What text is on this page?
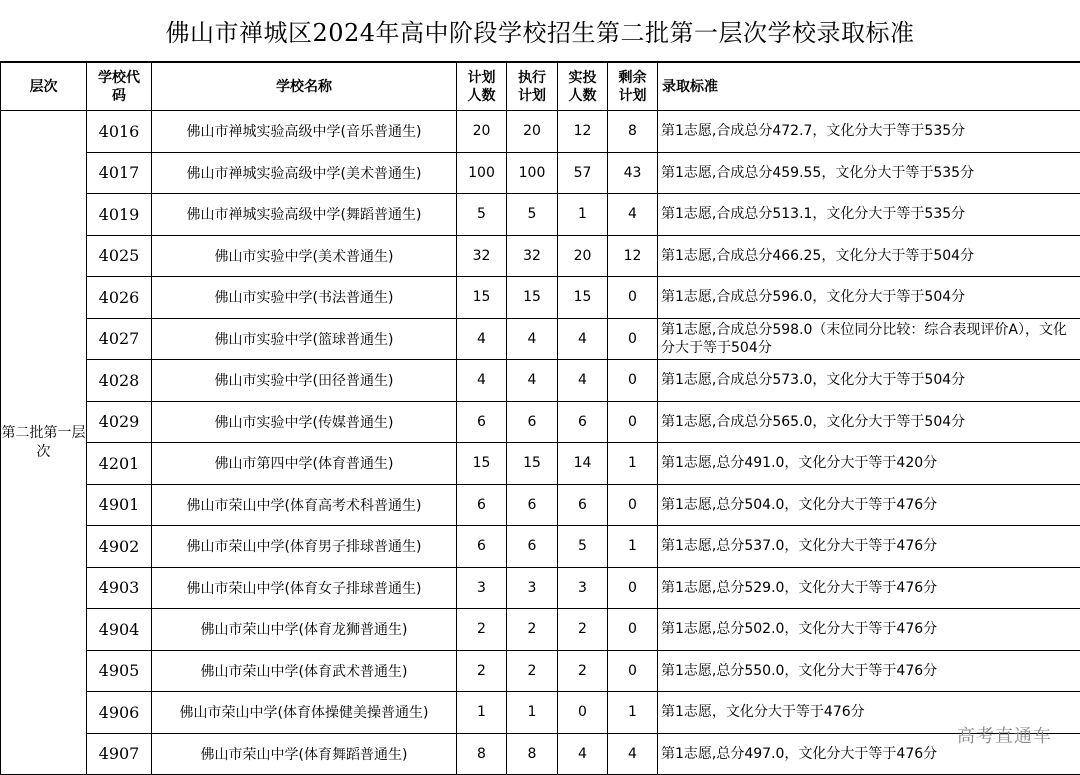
佛山市禅城区2024年高中阶段学校招生第二批第一层次学校录取标准
层次	学校代码	学校名称	计划人数	执行计划	实投人数	剩余计划	录取标准
第二批第一层次	4016	佛山市禅城实验高级中学(音乐普通生)	20	20	12	8	第1志愿,合成总分472.7，文化分大于等于535分
	4017	佛山市禅城实验高级中学(美术普通生)	100	100	57	43	第1志愿,合成总分459.55，文化分大于等于535分
	4019	佛山市禅城实验高级中学(舞蹈普通生)	5	5	1	4	第1志愿,合成总分513.1，文化分大于等于535分
	4025	佛山市实验中学(美术普通生)	32	32	20	12	第1志愿,合成总分466.25，文化分大于等于504分
	4026	佛山市实验中学(书法普通生)	15	15	15	0	第1志愿,合成总分596.0，文化分大于等于504分
	4027	佛山市实验中学(篮球普通生)	4	4	4	0	第1志愿,合成总分598.0（末位同分比较：综合表现评价A），文化分大于等于504分
	4028	佛山市实验中学(田径普通生)	4	4	4	0	第1志愿,合成总分573.0，文化分大于等于504分
	4029	佛山市实验中学(传媒普通生)	6	6	6	0	第1志愿,合成总分565.0，文化分大于等于504分
	4201	佛山市第四中学(体育普通生)	15	15	14	1	第1志愿,总分491.0，文化分大于等于420分
	4901	佛山市荣山中学(体育高考术科普通生)	6	6	6	0	第1志愿,总分504.0，文化分大于等于476分
	4902	佛山市荣山中学(体育男子排球普通生)	6	6	5	1	第1志愿,总分537.0，文化分大于等于476分
	4903	佛山市荣山中学(体育女子排球普通生)	3	3	3	0	第1志愿,总分529.0，文化分大于等于476分
	4904	佛山市荣山中学(体育龙狮普通生)	2	2	2	0	第1志愿,总分502.0，文化分大于等于476分
	4905	佛山市荣山中学(体育武术普通生)	2	2	2	0	第1志愿,总分550.0，文化分大于等于476分
	4906	佛山市荣山中学(体育体操健美操普通生)	1	1	0	1	第1志愿，文化分大于等于476分
	4907	佛山市荣山中学(体育舞蹈普通生)	8	8	4	4	第1志愿,总分497.0，文化分大于等于476分
高考直通车
